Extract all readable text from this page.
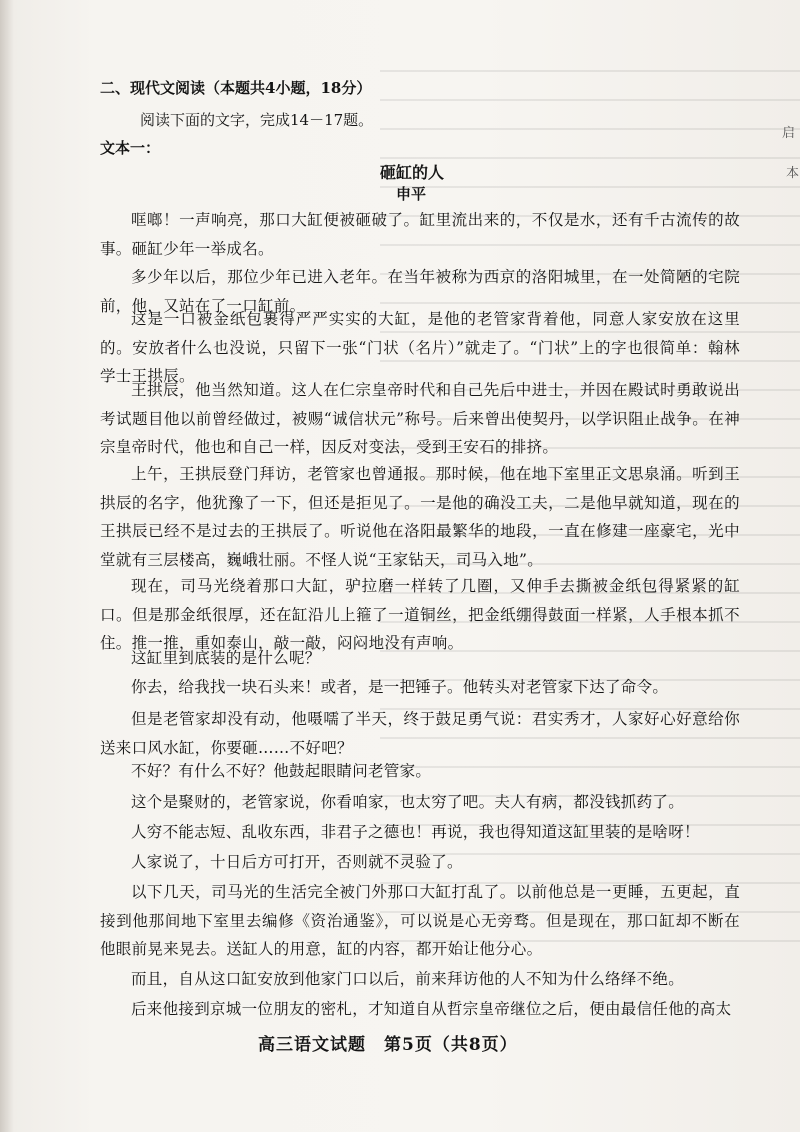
启
本
二、现代文阅读（本题共4小题，18分）
阅读下面的文字，完成14－17题。
文本一：
砸缸的人
申平
哐啷！一声响亮，那口大缸便被砸破了。缸里流出来的，不仅是水，还有千古流传的故事。砸缸少年一举成名。
多少年以后，那位少年已进入老年。在当年被称为西京的洛阳城里，在一处简陋的宅院前，他，又站在了一口缸前。
这是一口被金纸包裹得严严实实的大缸，是他的老管家背着他，同意人家安放在这里的。安放者什么也没说，只留下一张“门状（名片）”就走了。“门状”上的字也很简单：翰林学士王拱辰。
王拱辰，他当然知道。这人在仁宗皇帝时代和自己先后中进士，并因在殿试时勇敢说出考试题目他以前曾经做过，被赐“诚信状元”称号。后来曾出使契丹，以学识阻止战争。在神宗皇帝时代，他也和自己一样，因反对变法，受到王安石的排挤。
上午，王拱辰登门拜访，老管家也曾通报。那时候，他在地下室里正文思泉涌。听到王拱辰的名字，他犹豫了一下，但还是拒见了。一是他的确没工夫，二是他早就知道，现在的王拱辰已经不是过去的王拱辰了。听说他在洛阳最繁华的地段，一直在修建一座豪宅，光中堂就有三层楼高，巍峨壮丽。不怪人说“王家钻天，司马入地”。
现在，司马光绕着那口大缸，驴拉磨一样转了几圈，又伸手去撕被金纸包得紧紧的缸口。但是那金纸很厚，还在缸沿儿上箍了一道铜丝，把金纸绷得鼓面一样紧，人手根本抓不住。推一推，重如泰山，敲一敲，闷闷地没有声响。
这缸里到底装的是什么呢？
你去，给我找一块石头来！或者，是一把锤子。他转头对老管家下达了命令。
但是老管家却没有动，他嗫嚅了半天，终于鼓足勇气说：君实秀才，人家好心好意给你送来口风水缸，你要砸……不好吧？
不好？有什么不好？他鼓起眼睛问老管家。
这个是聚财的，老管家说，你看咱家，也太穷了吧。夫人有病，都没钱抓药了。
人穷不能志短、乱收东西，非君子之德也！再说，我也得知道这缸里装的是啥呀！
人家说了，十日后方可打开，否则就不灵验了。
以下几天，司马光的生活完全被门外那口大缸打乱了。以前他总是一更睡，五更起，直接到他那间地下室里去编修《资治通鉴》，可以说是心无旁骛。但是现在，那口缸却不断在他眼前晃来晃去。送缸人的用意，缸的内容，都开始让他分心。
而且，自从这口缸安放到他家门口以后，前来拜访他的人不知为什么络绎不绝。
后来他接到京城一位朋友的密札，才知道自从哲宗皇帝继位之后，便由最信任他的高太
高三语文试题　第5页（共8页）
